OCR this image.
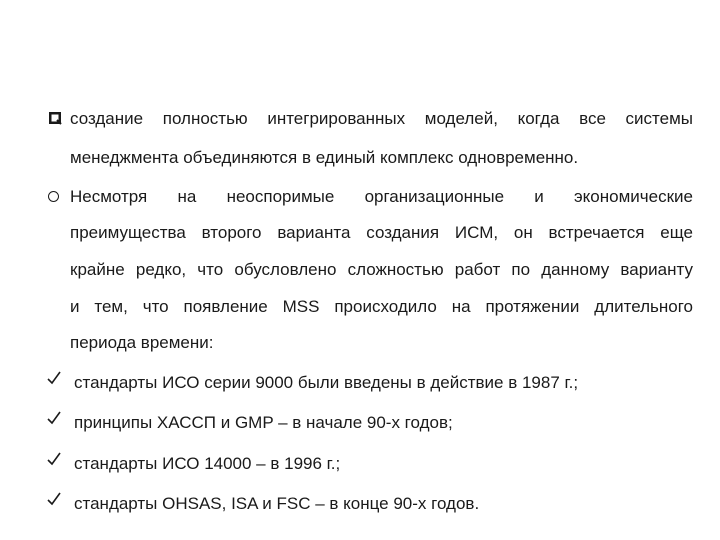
создание полностью интегрированных моделей, когда все системы
менеджмента объединяются в единый комплекс одновременно.
Несмотря на неоспоримые организационные и экономические
преимущества второго варианта создания ИСМ, он встречается еще
крайне редко, что обусловлено сложностью работ по данному варианту
и тем, что появление MSS происходило на протяжении длительного
периода времени:
стандарты ИСО серии 9000 были введены в действие в 1987 г.;
принципы ХАССП и GMP – в начале 90-х годов;
стандарты ИСО 14000 – в 1996 г.;
стандарты OHSAS, ISA и FSC – в конце 90-х годов.
